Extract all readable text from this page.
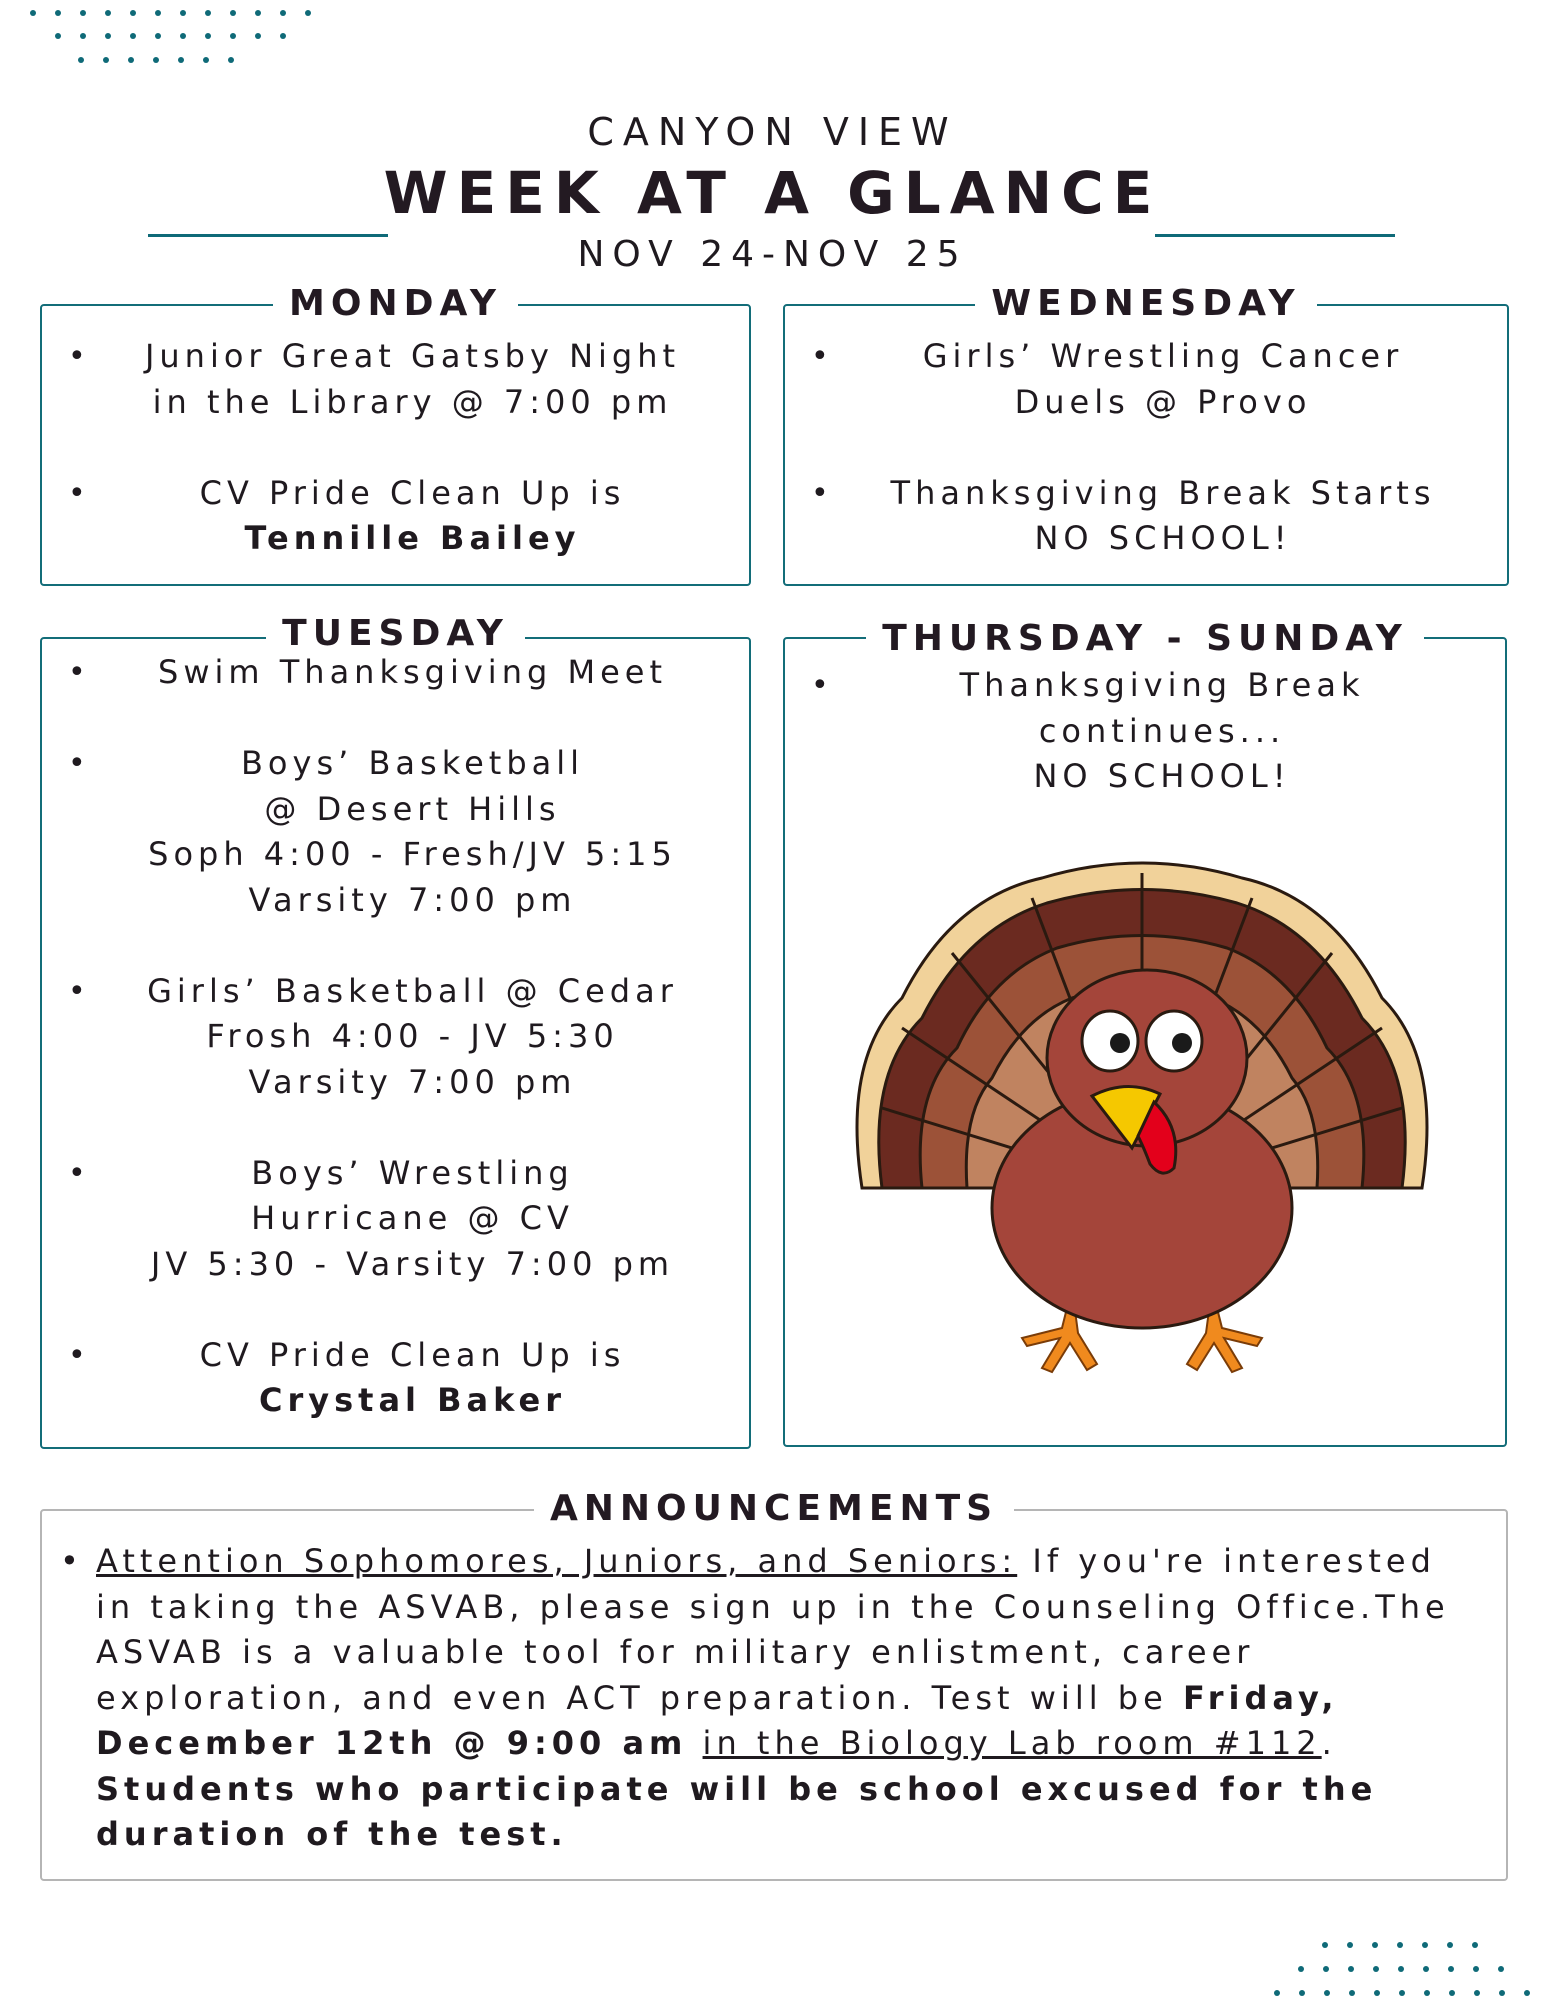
CANYON VIEW
WEEK AT A GLANCE
NOV 24-NOV 25
MONDAY
•	Junior Great Gatsby Night
in the Library @ 7:00 pm
•	CV Pride Clean Up is
Tennille Bailey
WEDNESDAY
•	Girls’ Wrestling Cancer
Duels @ Provo
•	Thanksgiving Break Starts
NO SCHOOL!
TUESDAY
•	Swim Thanksgiving Meet
•	Boys’ Basketball
@ Desert Hills
Soph 4:00 - Fresh/JV 5:15
Varsity 7:00 pm
•	Girls’ Basketball @ Cedar
Frosh 4:00 - JV 5:30
Varsity 7:00 pm
•	Boys’ Wrestling
Hurricane @ CV
JV 5:30 - Varsity 7:00 pm
•	CV Pride Clean Up is
Crystal Baker
THURSDAY - SUNDAY
•	Thanksgiving Break
continues...
NO SCHOOL!
ANNOUNCEMENTS
• Attention Sophomores, Juniors, and Seniors: If you're interested in taking the ASVAB, please sign up in the Counseling Office.The ASVAB is a valuable tool for military enlistment, career exploration, and even ACT preparation. Test will be Friday, December 12th @ 9:00 am in the Biology Lab room #112. Students who participate will be school excused for the duration of the test.
